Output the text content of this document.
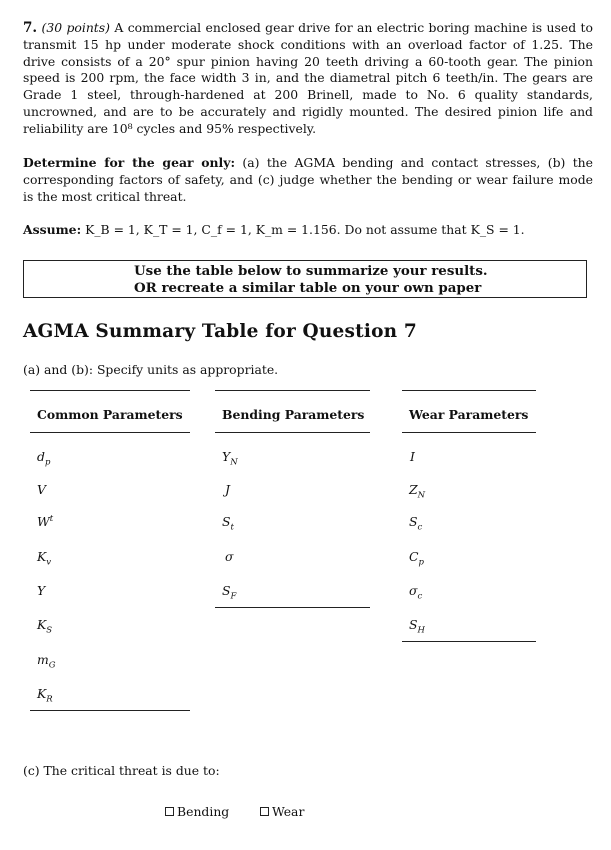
7. (30 points) A commercial enclosed gear drive for an electric boring machine is used to transmit 15 hp under moderate shock conditions with an overload factor of 1.25. The drive consists of a 20° spur pinion having 20 teeth driving a 60-tooth gear. The pinion speed is 200 rpm, the face width 3 in, and the diametral pitch 6 teeth/in. The gears are Grade 1 steel, through-hardened at 200 Brinell, made to No. 6 quality standards, uncrowned, and are to be accurately and rigidly mounted. The desired pinion life and reliability are 10⁸ cycles and 95% respectively.
Determine for the gear only: (a) the AGMA bending and contact stresses, (b) the corresponding factors of safety, and (c) judge whether the bending or wear failure mode is the most critical threat.
Assume: K_B = 1, K_T = 1, C_f = 1, K_m = 1.156. Do not assume that K_S = 1.
Use the table below to summarize your results.
OR recreate a similar table on your own paper
AGMA Summary Table for Question 7
(a) and (b): Specify units as appropriate.
Common Parameters
$d_p$
V
$W^t$
$K_v$
Y
$K_S$
$m_G$
$K_R$
Bending Parameters
$Y_N$
J
$S_t$
σ
$S_F$
Wear Parameters
I
$Z_N$
$S_c$
$C_p$
$\sigma_c$
$S_H$
(c) The critical threat is due to:
Bending	Wear
